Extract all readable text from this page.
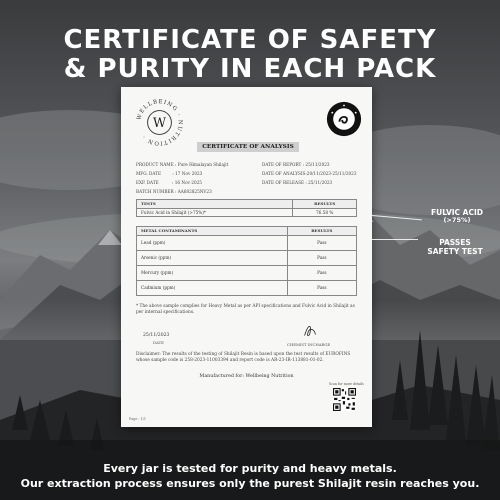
CERTIFICATE OF SAFETY
& PURITY IN EACH PACK
WELLBEING · NUTRITION ·
W
CERTIFICATE OF ANALYSIS
PRODUCT NAME : Pure Himalayan Shilajit
MFG. DATE	: 17 Nov 2023
EXP. DATE	: 16 Nov 2025
BATCH NUMBER : AA682825NV23
DATE OF REPORT : 25/11/2023
DATE OF ANALYSIS:20/11/2023-25/11/2023
DATE OF RELEASE : 25/11/2023
TESTS	RESULTS
Fulvic Acid in Shilajit (>75%)*	76.58 %
METAL CONTAMINANTS	RESULTS
Lead (ppm)	Pass
Arsenic (ppm)	Pass
Mercury (ppm)	Pass
Cadmium (ppm)	Pass
* The above sample complies for Heavy Metal as per API specifications and Fulvic Acid in Shilajit as per internal specifications.
25/11/2023
DATE	CHEMIST INCHARGE
Disclaimer: The results of the testing of Shilajit Resin is based upon the test results of EUROFINS whose sample code is 258-2023-11003394 and report code is AR-23-IR-113881-01-02.
Manufactured for: Wellbeing Nutrition
Scan for more details
Page : 1/1
FULVIC ACID
(>75%)
PASSES
SAFETY TEST
Every jar is tested for purity and heavy metals.
Our extraction process ensures only the purest Shilajit resin reaches you.
